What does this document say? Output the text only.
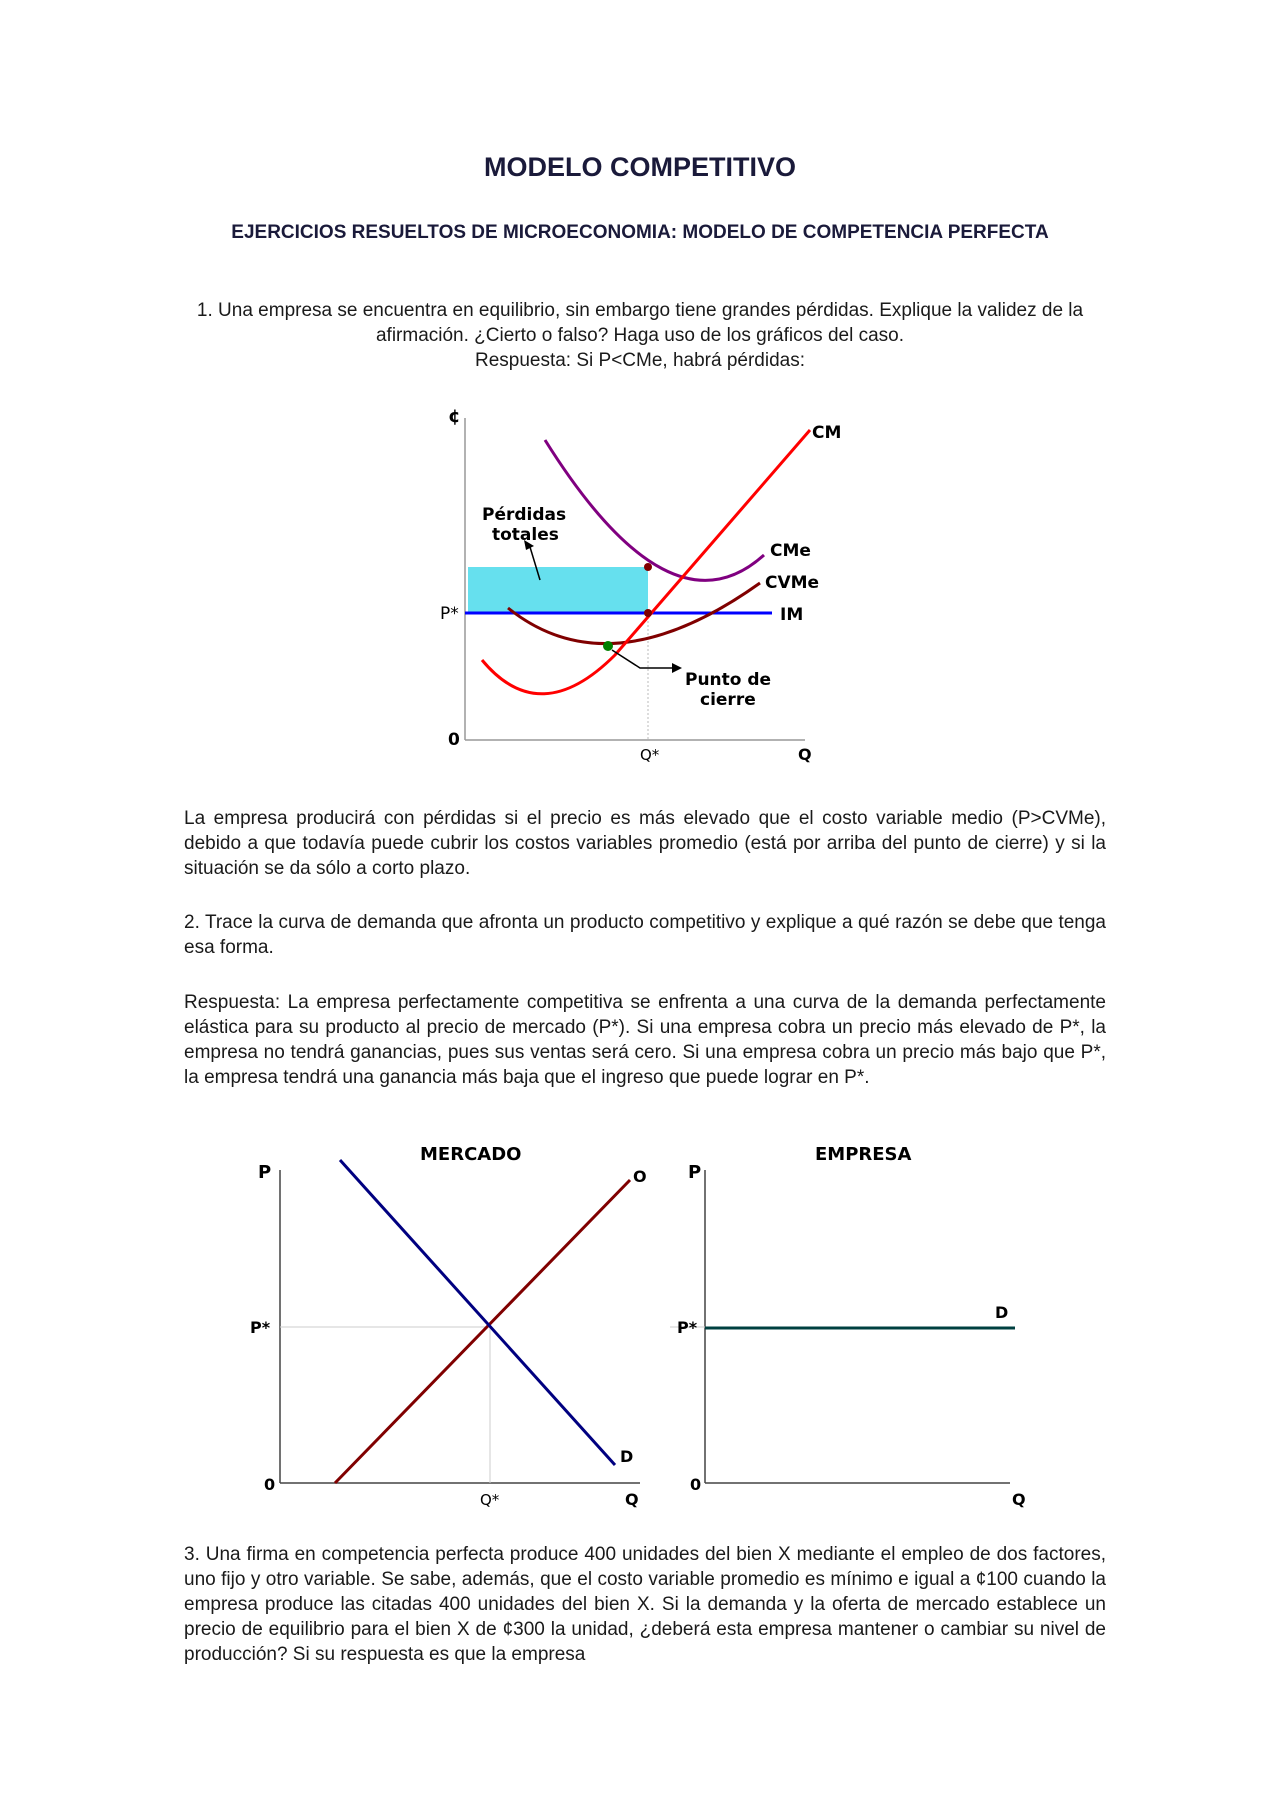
MODELO COMPETITIVO
EJERCICIOS RESUELTOS DE MICROECONOMIA: MODELO DE COMPETENCIA PERFECTA

1. Una empresa se encuentra en equilibrio, sin embargo tiene grandes pérdidas. Explique la validez de la afirmación. ¿Cierto o falso? Haga uso de los gráficos del caso.

Respuesta: Si P<CMe, habrá pérdidas:

¢
P*
0
Q*	Q
CM
CMe
CVMe
IM
Pérdidas
totales
Punto de
cierre

La empresa producirá con pérdidas si el precio es más elevado que el costo variable medio (P>CVMe), debido a que todavía puede cubrir los costos variables promedio (está por arriba del punto de cierre) y si la situación se da sólo a corto plazo.

2. Trace la curva de demanda que afronta un producto competitivo y explique a qué razón se debe que tenga esa forma.

Respuesta: La empresa perfectamente competitiva se enfrenta a una curva de la demanda perfectamente elástica para su producto al precio de mercado (P*). Si una empresa cobra un precio más elevado de P*, la empresa no tendrá ganancias, pues sus ventas será cero. Si una empresa cobra un precio más bajo que P*, la empresa tendrá una ganancia más baja que el ingreso que puede lograr en P*.

MERCADO
P
P*
0
Q*	Q
O
D
EMPRESA
P
P*
0
Q
D

3. Una firma en competencia perfecta produce 400 unidades del bien X mediante el empleo de dos factores, uno fijo y otro variable. Se sabe, además, que el costo variable promedio es mínimo e igual a ¢100 cuando la empresa produce las citadas 400 unidades del bien X. Si la demanda y la oferta de mercado establece un precio de equilibrio para el bien X de ¢300 la unidad, ¿deberá esta empresa mantener o cambiar su nivel de producción? Si su respuesta es que la empresa
